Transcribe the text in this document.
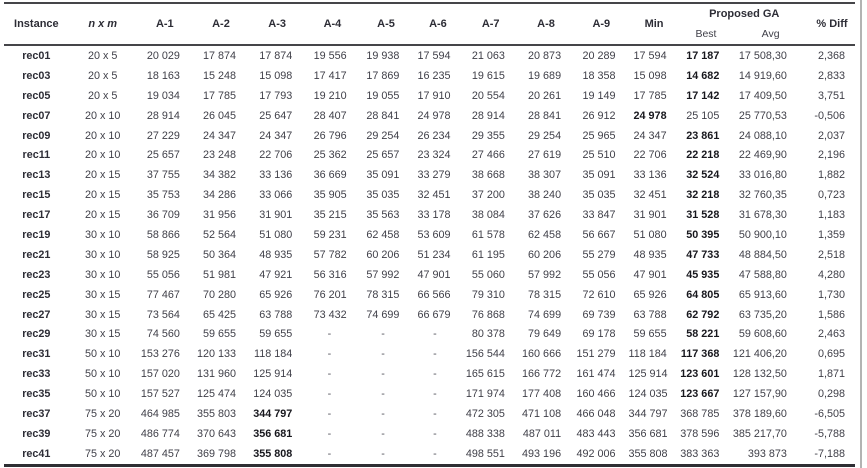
Instance	n x m	A-1	A-2	A-3	A-4	A-5	A-6	A-7	A-8	A-9	Min	Proposed GA		% Diff
												Best	Avg	
rec01	20 x 5	20 029	17 874	17 874	19 556	19 938	17 594	21 063	20 873	20 289	17 594	17 187	17 508,30	2,368
rec03	20 x 5	18 163	15 248	15 098	17 417	17 869	16 235	19 615	19 689	18 358	15 098	14 682	14 919,60	2,833
rec05	20 x 5	19 034	17 785	17 793	19 210	19 055	17 910	20 554	20 261	19 149	17 785	17 142	17 409,50	3,751
rec07	20 x 10	28 914	26 045	25 647	28 407	28 841	24 978	28 914	28 841	26 912	24 978	25 105	25 770,53	-0,506
rec09	20 x 10	27 229	24 347	24 347	26 796	29 254	26 234	29 355	29 254	25 965	24 347	23 861	24 088,10	2,037
rec11	20 x 10	25 657	23 248	22 706	25 362	25 657	23 324	27 466	27 619	25 510	22 706	22 218	22 469,90	2,196
rec13	20 x 15	37 755	34 382	33 136	36 669	35 091	33 279	38 668	38 307	35 091	33 136	32 524	33 016,80	1,882
rec15	20 x 15	35 753	34 286	33 066	35 905	35 035	32 451	37 200	38 240	35 035	32 451	32 218	32 760,35	0,723
rec17	20 x 15	36 709	31 956	31 901	35 215	35 563	33 178	38 084	37 626	33 847	31 901	31 528	31 678,30	1,183
rec19	30 x 10	58 866	52 564	51 080	59 231	62 458	53 609	61 578	62 458	56 667	51 080	50 395	50 900,10	1,359
rec21	30 x 10	58 925	50 364	48 935	57 782	60 206	51 234	61 195	60 206	55 279	48 935	47 733	48 884,50	2,518
rec23	30 x 10	55 056	51 981	47 921	56 316	57 992	47 901	55 060	57 992	55 056	47 901	45 935	47 588,80	4,280
rec25	30 x 15	77 467	70 280	65 926	76 201	78 315	66 566	79 310	78 315	72 610	65 926	64 805	65 913,60	1,730
rec27	30 x 15	73 564	65 425	63 788	73 432	74 699	66 679	76 868	74 699	69 739	63 788	62 792	63 735,20	1,586
rec29	30 x 15	74 560	59 655	59 655	-	-	-	80 378	79 649	69 178	59 655	58 221	59 608,60	2,463
rec31	50 x 10	153 276	120 133	118 184	-	-	-	156 544	160 666	151 279	118 184	117 368	121 406,20	0,695
rec33	50 x 10	157 020	131 960	125 914	-	-	-	165 615	166 772	161 474	125 914	123 601	128 132,50	1,871
rec35	50 x 10	157 527	125 474	124 035	-	-	-	171 974	177 408	160 466	124 035	123 667	127 157,90	0,298
rec37	75 x 20	464 985	355 803	344 797	-	-	-	472 305	471 108	466 048	344 797	368 785	378 189,60	-6,505
rec39	75 x 20	486 774	370 643	356 681	-	-	-	488 338	487 011	483 443	356 681	378 596	385 217,70	-5,788
rec41	75 x 20	487 457	369 798	355 808	-	-	-	498 551	493 196	492 006	355 808	383 363	393 873	-7,188
